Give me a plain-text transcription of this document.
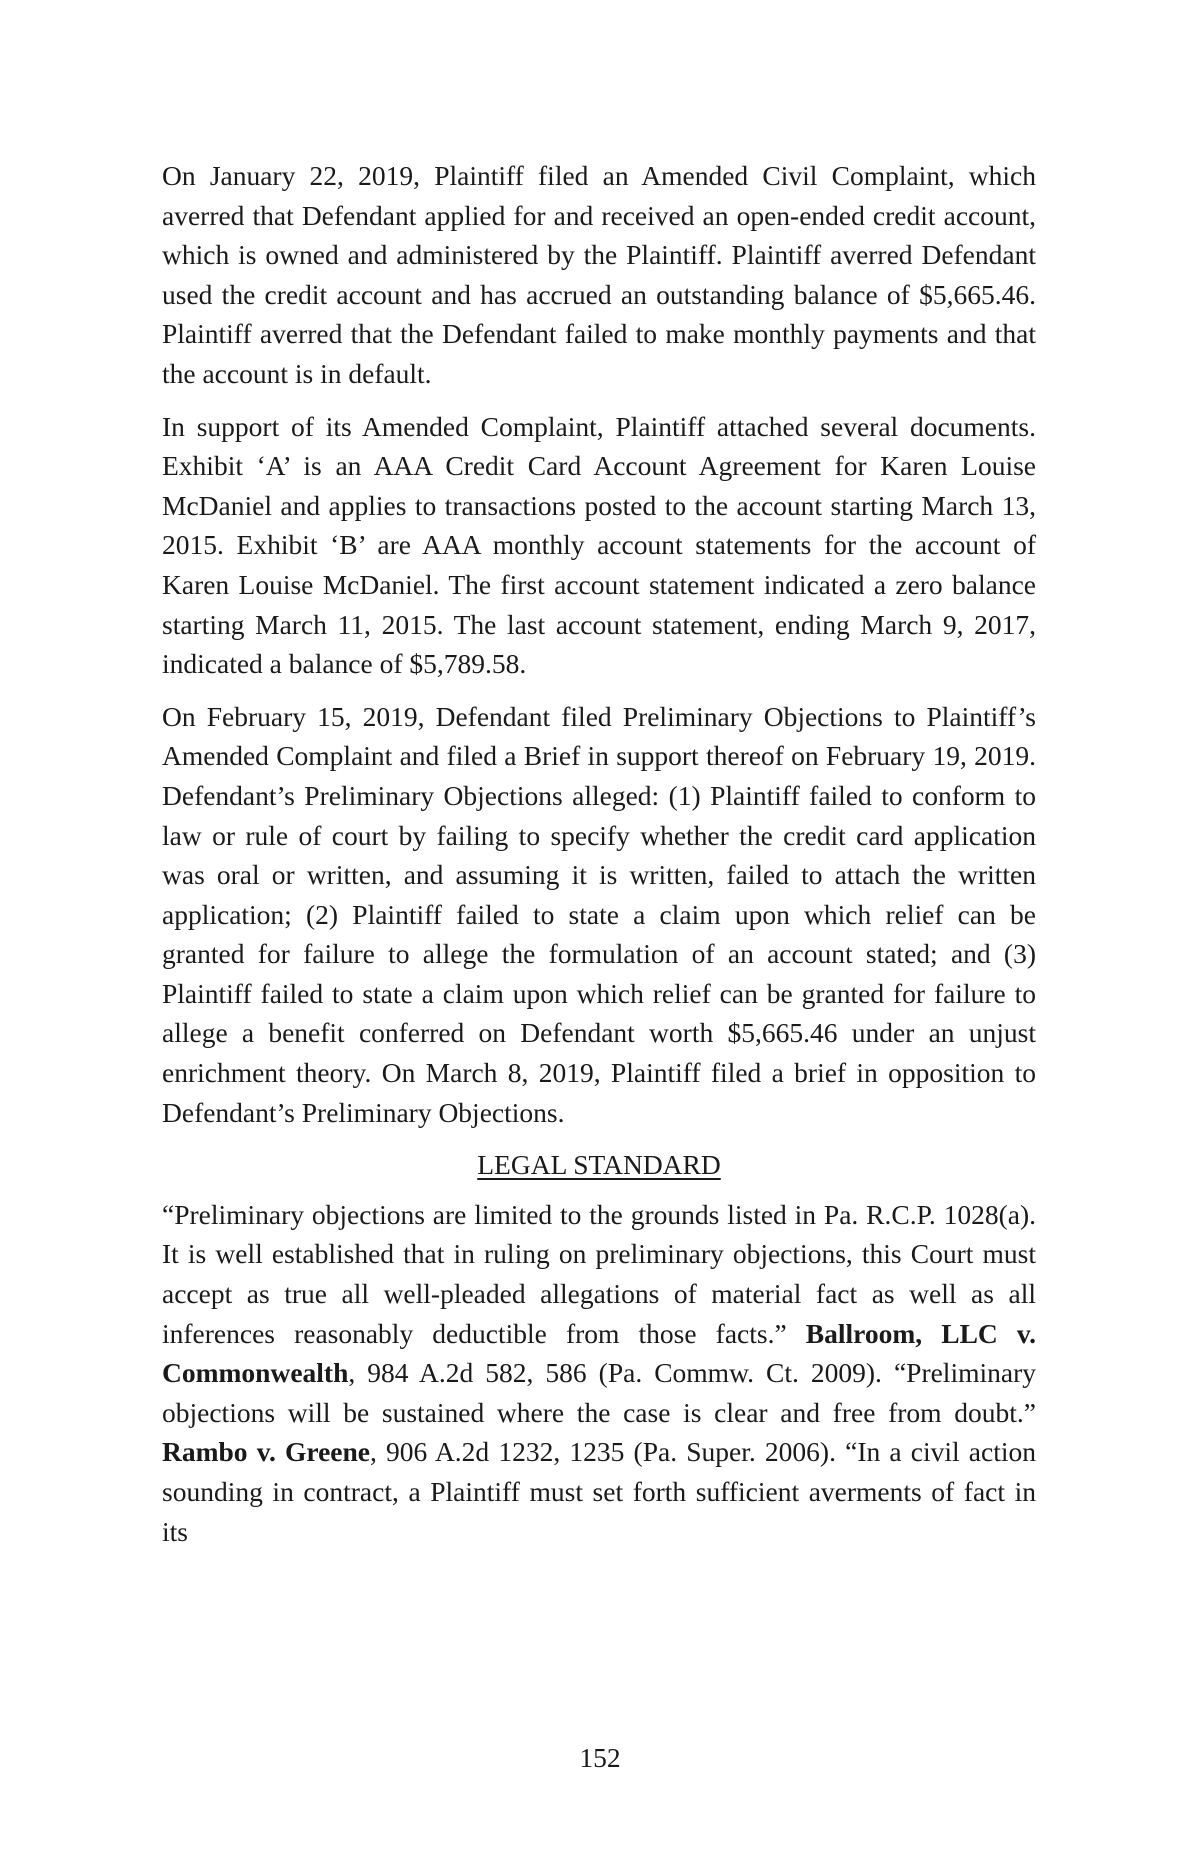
On January 22, 2019, Plaintiff filed an Amended Civil Complaint, which averred that Defendant applied for and received an open-ended credit account, which is owned and administered by the Plaintiff. Plaintiff averred Defendant used the credit account and has accrued an outstanding balance of $5,665.46. Plaintiff averred that the Defendant failed to make monthly payments and that the account is in default.

In support of its Amended Complaint, Plaintiff attached several documents. Exhibit ‘A’ is an AAA Credit Card Account Agreement for Karen Louise McDaniel and applies to transactions posted to the account starting March 13, 2015. Exhibit ‘B’ are AAA monthly account statements for the account of Karen Louise McDaniel. The first account statement indicated a zero balance starting March 11, 2015. The last account statement, ending March 9, 2017, indicated a balance of $5,789.58.

On February 15, 2019, Defendant filed Preliminary Objections to Plaintiff’s Amended Complaint and filed a Brief in support thereof on February 19, 2019. Defendant’s Preliminary Objections alleged: (1) Plaintiff failed to conform to law or rule of court by failing to specify whether the credit card application was oral or written, and assuming it is written, failed to attach the written application; (2) Plaintiff failed to state a claim upon which relief can be granted for failure to allege the formulation of an account stated; and (3) Plaintiff failed to state a claim upon which relief can be granted for failure to allege a benefit conferred on Defendant worth $5,665.46 under an unjust enrichment theory. On March 8, 2019, Plaintiff filed a brief in opposition to Defendant’s Preliminary Objections.

LEGAL STANDARD

“Preliminary objections are limited to the grounds listed in Pa. R.C.P. 1028(a). It is well established that in ruling on preliminary objections, this Court must accept as true all well-pleaded allegations of material fact as well as all inferences reasonably deductible from those facts.” Ballroom, LLC v. Commonwealth, 984 A.2d 582, 586 (Pa. Commw. Ct. 2009). “Preliminary objections will be sustained where the case is clear and free from doubt.” Rambo v. Greene, 906 A.2d 1232, 1235 (Pa. Super. 2006). “In a civil action sounding in contract, a Plaintiff must set forth sufficient averments of fact in its

152
